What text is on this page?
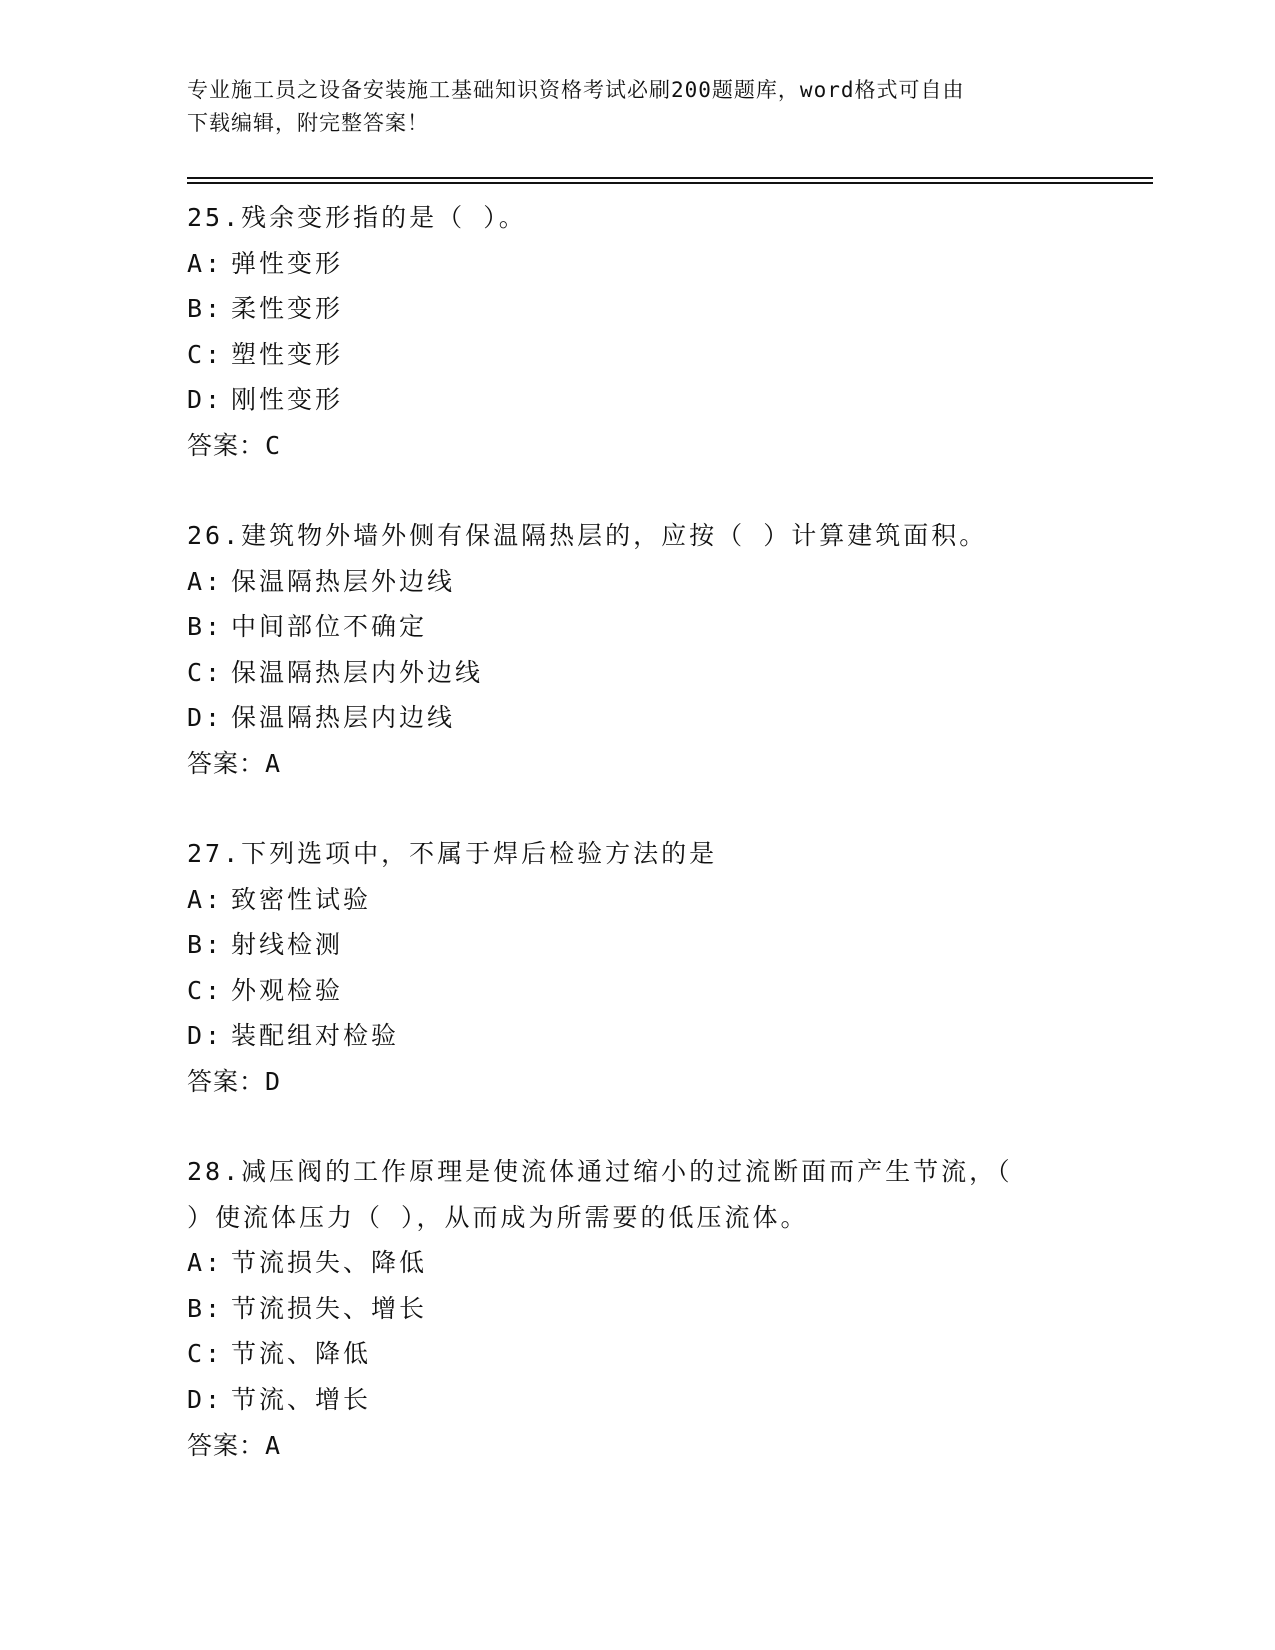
专业施工员之设备安装施工基础知识资格考试必刷200题题库，word格式可自由
下载编辑，附完整答案！
25.残余变形指的是（ ）。
A: 弹性变形
B: 柔性变形
C: 塑性变形
D: 刚性变形
答案：C
26.建筑物外墙外侧有保温隔热层的，应按（ ）计算建筑面积。
A: 保温隔热层外边线
B: 中间部位不确定
C: 保温隔热层内外边线
D: 保温隔热层内边线
答案：A
27.下列选项中，不属于焊后检验方法的是
A: 致密性试验
B: 射线检测
C: 外观检验
D: 装配组对检验
答案：D
28.减压阀的工作原理是使流体通过缩小的过流断面而产生节流，（
）使流体压力（ ），从而成为所需要的低压流体。
A: 节流损失、降低
B: 节流损失、增长
C: 节流、降低
D: 节流、增长
答案：A
